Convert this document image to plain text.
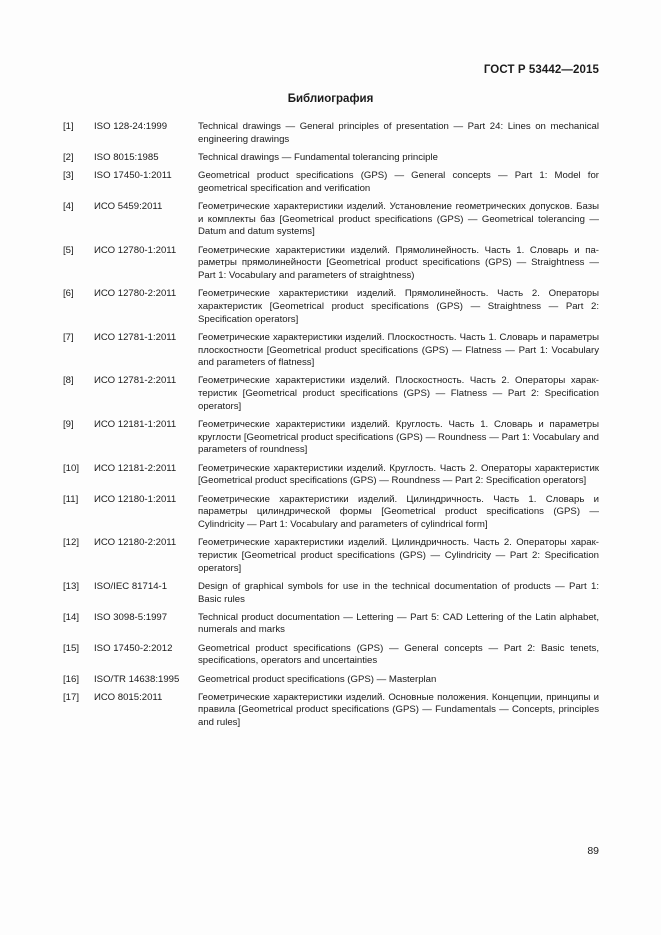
ГОСТ Р 53442—2015
Библиография
[1]	ISO 128-24:1999	Technical drawings — General principles of presentation — Part 24: Lines on mechanical engineering drawings
[2]	ISO 8015:1985	Technical drawings — Fundamental tolerancing principle
[3]	ISO 17450-1:2011	Geometrical product specifications (GPS) — General concepts — Part 1: Model for geometrical specification and verification
[4]	ИСО 5459:2011	Геометрические характеристики изделий. Установление геометрических допусков. Базы и комплекты баз [Geometrical product specifications (GPS) — Geometrical tolerancing — Datum and datum systems]
[5]	ИСО 12780-1:2011	Геометрические характеристики изделий. Прямолинейность. Часть 1. Словарь и параметры прямолинейности [Geometrical product specifications (GPS) — Straightness — Part 1: Vocabulary and parameters of straightness)
[6]	ИСО 12780-2:2011	Геометрические характеристики изделий. Прямолинейность. Часть 2. Операторы характеристик [Geometrical product specifications (GPS) — Straightness — Part 2: Specification operators]
[7]	ИСО 12781-1:2011	Геометрические характеристики изделий. Плоскостность. Часть 1. Словарь и параметры плоскостности [Geometrical product specifications (GPS) — Flatness — Part 1: Vocabulary and parameters of flatness]
[8]	ИСО 12781-2:2011	Геометрические характеристики изделий. Плоскостность. Часть 2. Операторы характеристик [Geometrical product specifications (GPS) — Flatness — Part 2: Specification operators]
[9]	ИСО 12181-1:2011	Геометрические характеристики изделий. Круглость. Часть 1. Словарь и параметры круглости [Geometrical product specifications (GPS) — Roundness — Part 1: Vocabulary and parameters of roundness]
[10]	ИСО 12181-2:2011	Геометрические характеристики изделий. Круглость. Часть 2. Операторы характеристик [Geometrical product specifications (GPS) — Roundness — Part 2: Specification operators]
[11]	ИСО 12180-1:2011	Геометрические характеристики изделий. Цилиндричность. Часть 1. Словарь и параметры цилиндрической формы [Geometrical product specifications (GPS) — Cylindricity — Part 1: Vocabulary and parameters of cylindrical form]
[12]	ИСО 12180-2:2011	Геометрические характеристики изделий. Цилиндричность. Часть 2. Операторы характеристик [Geometrical product specifications (GPS) — Cylindricity — Part 2: Specification operators]
[13]	ISO/IEC 81714-1	Design of graphical symbols for use in the technical documentation of products — Part 1: Basic rules
[14]	ISO 3098-5:1997	Technical product documentation — Lettering — Part 5: CAD Lettering of the Latin alphabet, numerals and marks
[15]	ISO 17450-2:2012	Geometrical product specifications (GPS) — General concepts — Part 2: Basic tenets, specifications, operators and uncertainties
[16]	ISO/TR 14638:1995	Geometrical product specifications (GPS) — Masterplan
[17]	ИСО 8015:2011	Геометрические характеристики изделий. Основные положения. Концепции, принципы и правила [Geometrical product specifications (GPS) — Fundamentals — Concepts, principles and rules]
89
